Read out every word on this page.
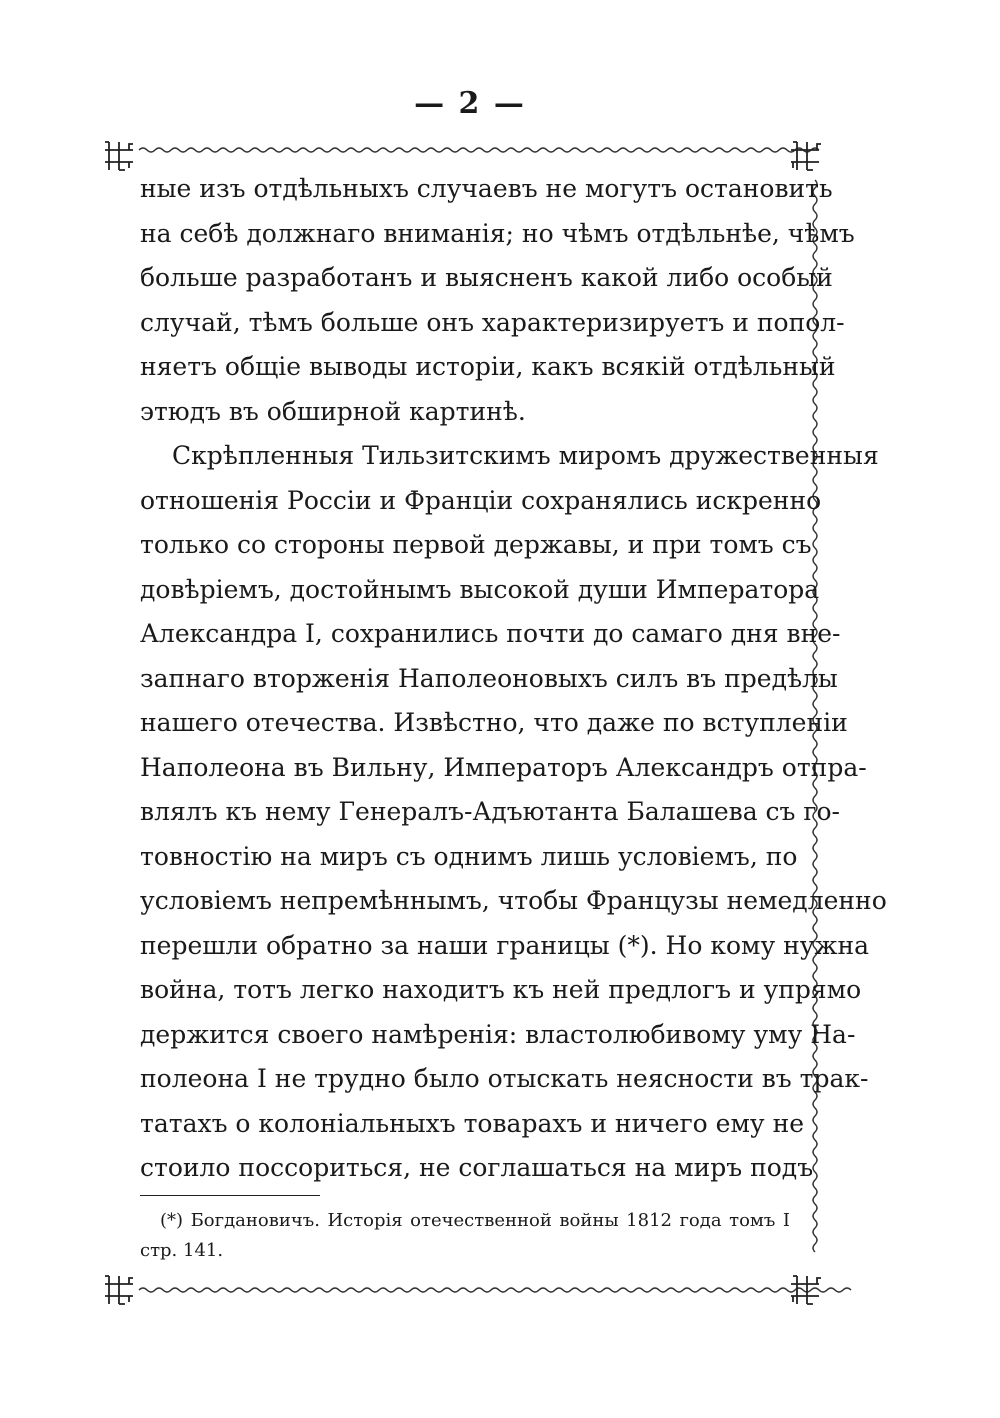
— 2 —
ные изъ отдѣльныхъ случаевъ не могутъ остановить
на себѣ должнаго вниманія; но чѣмъ отдѣльнѣе, чѣмъ
больше разработанъ и выясненъ какой либо особый
случай, тѣмъ больше онъ характеризируетъ и попол-
няетъ общіе выводы исторіи, какъ всякій отдѣльный
этюдъ въ обширной картинѣ.
Скрѣпленныя Тильзитскимъ миромъ дружественныя
отношенія Россіи и Франціи сохранялись искренно
только со стороны первой державы, и при томъ съ
довѣріемъ, достойнымъ высокой души Императора
Александра I, сохранились почти до самаго дня вне-
запнаго вторженія Наполеоновыхъ силъ въ предѣлы
нашего отечества. Извѣстно, что даже по вступленіи
Наполеона въ Вильну, Императоръ Александръ отпра-
влялъ къ нему Генералъ-Адъютанта Балашева съ го-
товностію на миръ съ однимъ лишь условіемъ, по
условіемъ непремѣннымъ, чтобы Французы немедленно
перешли обратно за наши границы (*). Но кому нужна
война, тотъ легко находитъ къ ней предлогъ и упрямо
держится своего намѣренія: властолюбивому уму На-
полеона I не трудно было отыскать неясности въ трак-
татахъ о колоніальныхъ товарахъ и ничего ему не
стоило поссориться, не соглашаться на миръ подъ
(*) Богдановичъ. Исторія отечественной войны 1812 года томъ I
стр. 141.
